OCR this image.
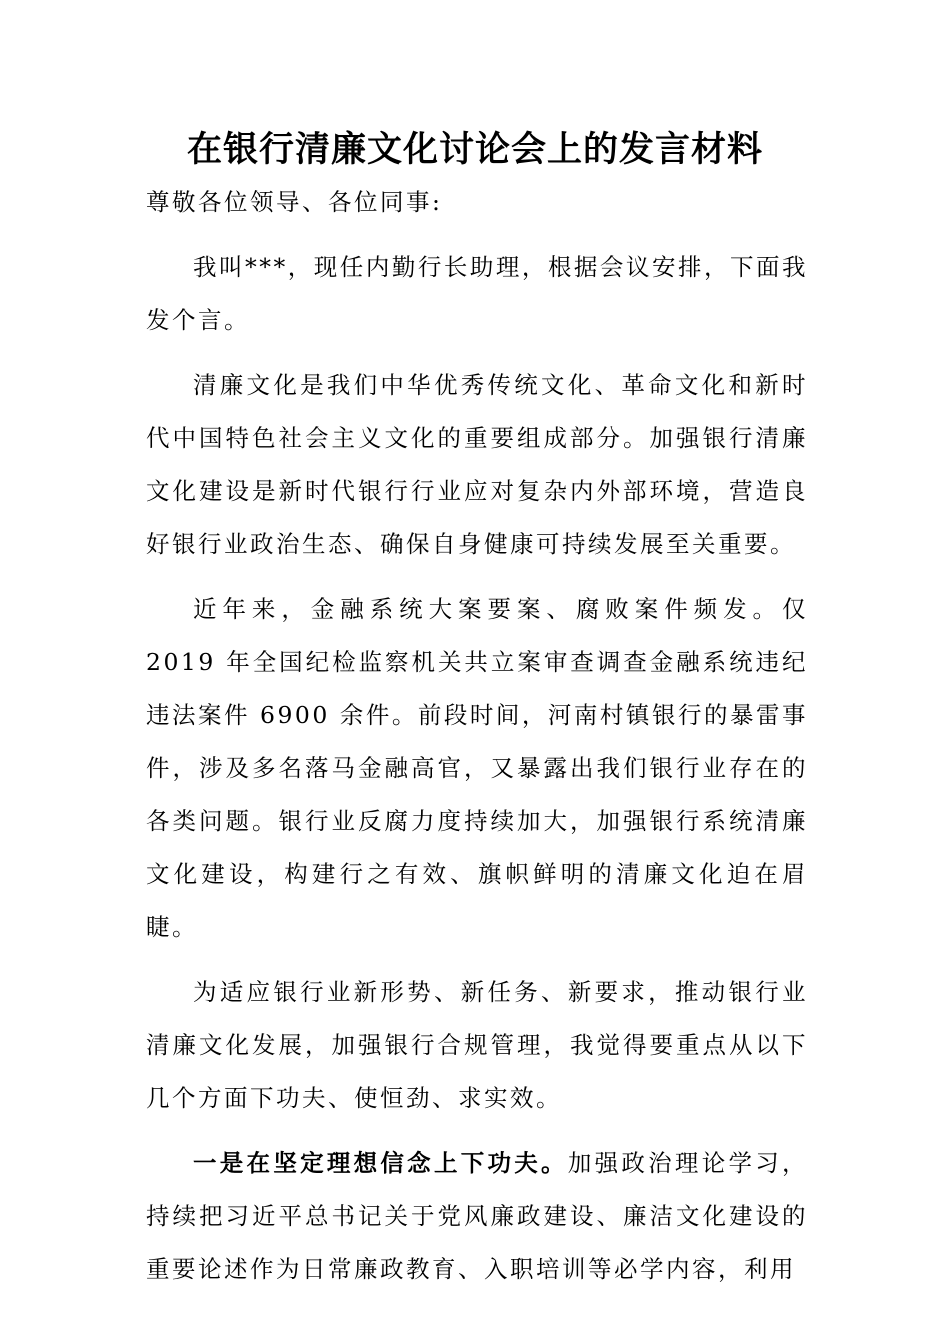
在银行清廉文化讨论会上的发言材料

尊敬各位领导、各位同事:

我叫***，现任内勤行长助理，根据会议安排，下面我发个言。

清廉文化是我们中华优秀传统文化、革命文化和新时代中国特色社会主义文化的重要组成部分。加强银行清廉文化建设是新时代银行行业应对复杂内外部环境，营造良好银行业政治生态、确保自身健康可持续发展至关重要。

近年来，金融系统大案要案、腐败案件频发。仅 2019 年全国纪检监察机关共立案审查调查金融系统违纪违法案件 6900 余件。前段时间，河南村镇银行的暴雷事件，涉及多名落马金融高官，又暴露出我们银行业存在的各类问题。银行业反腐力度持续加大，加强银行系统清廉文化建设，构建行之有效、旗帜鲜明的清廉文化迫在眉睫。

为适应银行业新形势、新任务、新要求，推动银行业清廉文化发展，加强银行合规管理，我觉得要重点从以下几个方面下功夫、使恒劲、求实效。

一是在坚定理想信念上下功夫。加强政治理论学习，持续把习近平总书记关于党风廉政建设、廉洁文化建设的重要论述作为日常廉政教育、入职培训等必学内容，利用
